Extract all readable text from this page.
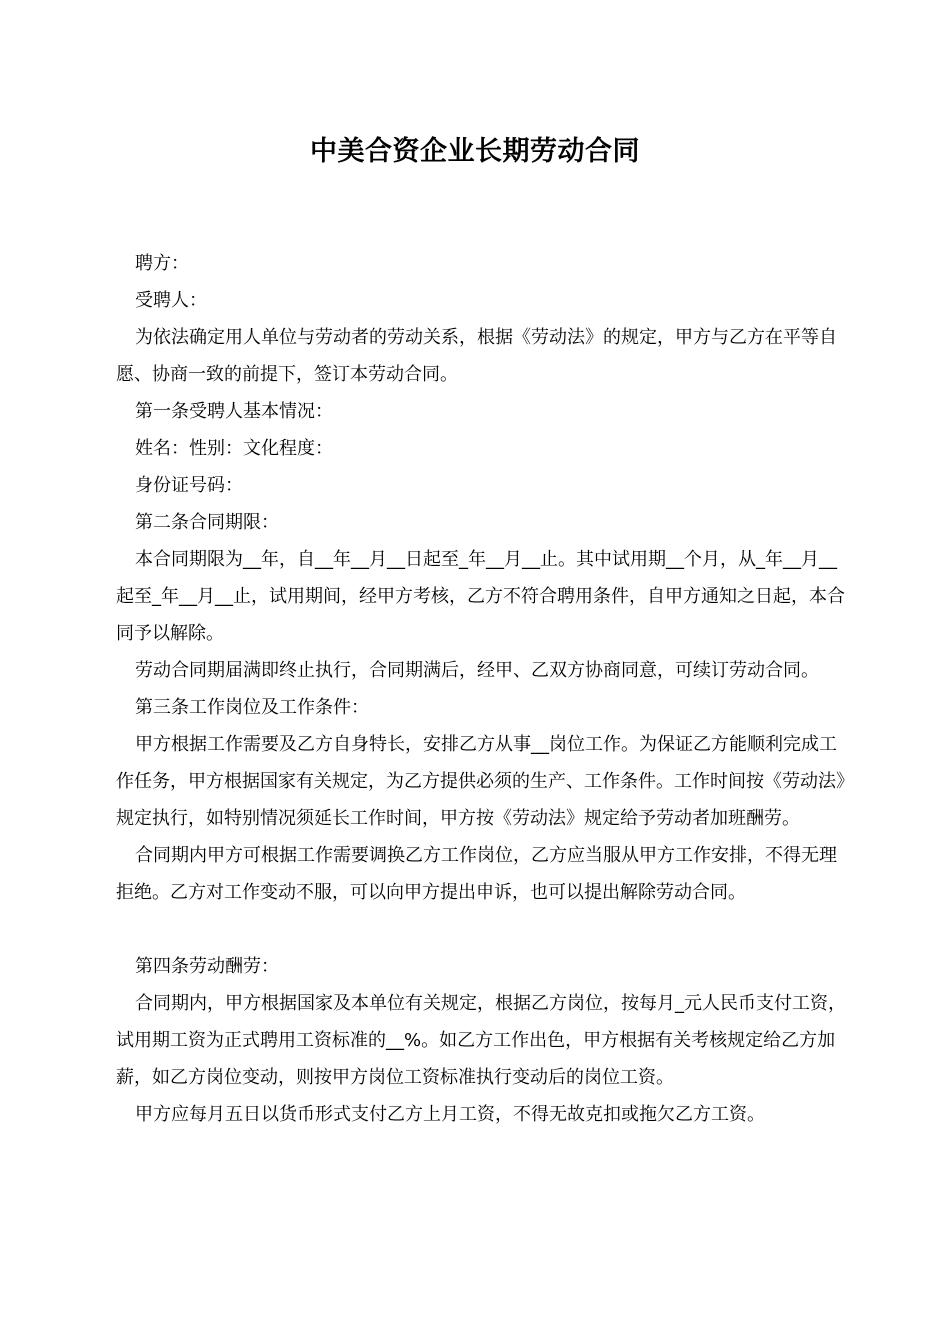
中美合资企业长期劳动合同

聘方：

受聘人：

为依法确定用人单位与劳动者的劳动关系，根据《劳动法》的规定，甲方与乙方在平等自愿、协商一致的前提下，签订本劳动合同。

第一条受聘人基本情况：

姓名：性别：文化程度：

身份证号码：

第二条合同期限：

本合同期限为__年，自__年__月__日起至_年__月__止。其中试用期__个月，从_年__月__起至_年__月__止，试用期间，经甲方考核，乙方不符合聘用条件，自甲方通知之日起，本合同予以解除。

劳动合同期届满即终止执行，合同期满后，经甲、乙双方协商同意，可续订劳动合同。

第三条工作岗位及工作条件：

甲方根据工作需要及乙方自身特长，安排乙方从事__岗位工作。为保证乙方能顺利完成工作任务，甲方根据国家有关规定，为乙方提供必须的生产、工作条件。工作时间按《劳动法》规定执行，如特别情况须延长工作时间，甲方按《劳动法》规定给予劳动者加班酬劳。

合同期内甲方可根据工作需要调换乙方工作岗位，乙方应当服从甲方工作安排，不得无理拒绝。乙方对工作变动不服，可以向甲方提出申诉，也可以提出解除劳动合同。

第四条劳动酬劳：

合同期内，甲方根据国家及本单位有关规定，根据乙方岗位，按每月_元人民币支付工资，试用期工资为正式聘用工资标准的__%。如乙方工作出色，甲方根据有关考核规定给乙方加薪，如乙方岗位变动，则按甲方岗位工资标准执行变动后的岗位工资。

甲方应每月五日以货币形式支付乙方上月工资，不得无故克扣或拖欠乙方工资。
